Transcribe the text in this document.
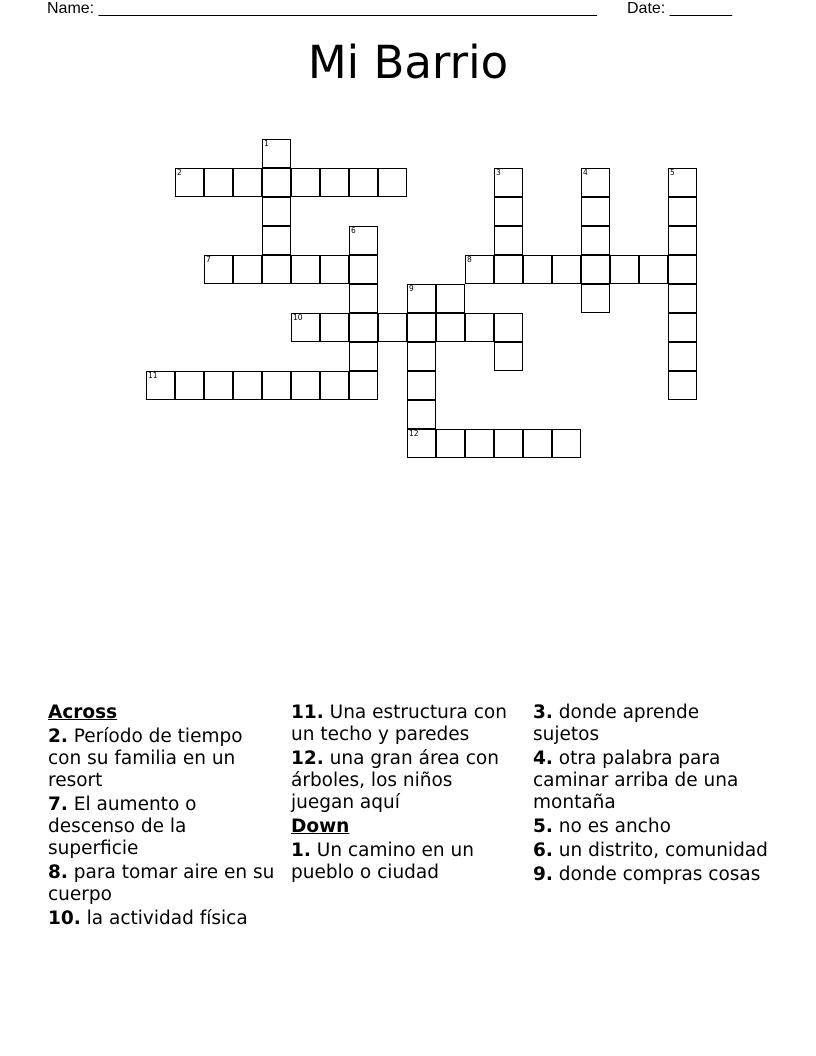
Name: ________________________________________________________ Date: _______
Mi Barrio
1
2
7
6
10
11
9
12
3
8
4	5
Across
2. Período de tiempo con su familia en un resort
7. El aumento o descenso de la superficie
8. para tomar aire en su cuerpo
10. la actividad física
11. Una estructura con un techo y paredes
12. una gran área con árboles, los niños juegan aquí
Down
1. Un camino en un pueblo o ciudad
3. donde aprende sujetos
4. otra palabra para caminar arriba de una montaña
5. no es ancho
6. un distrito, comunidad
9. donde compras cosas
